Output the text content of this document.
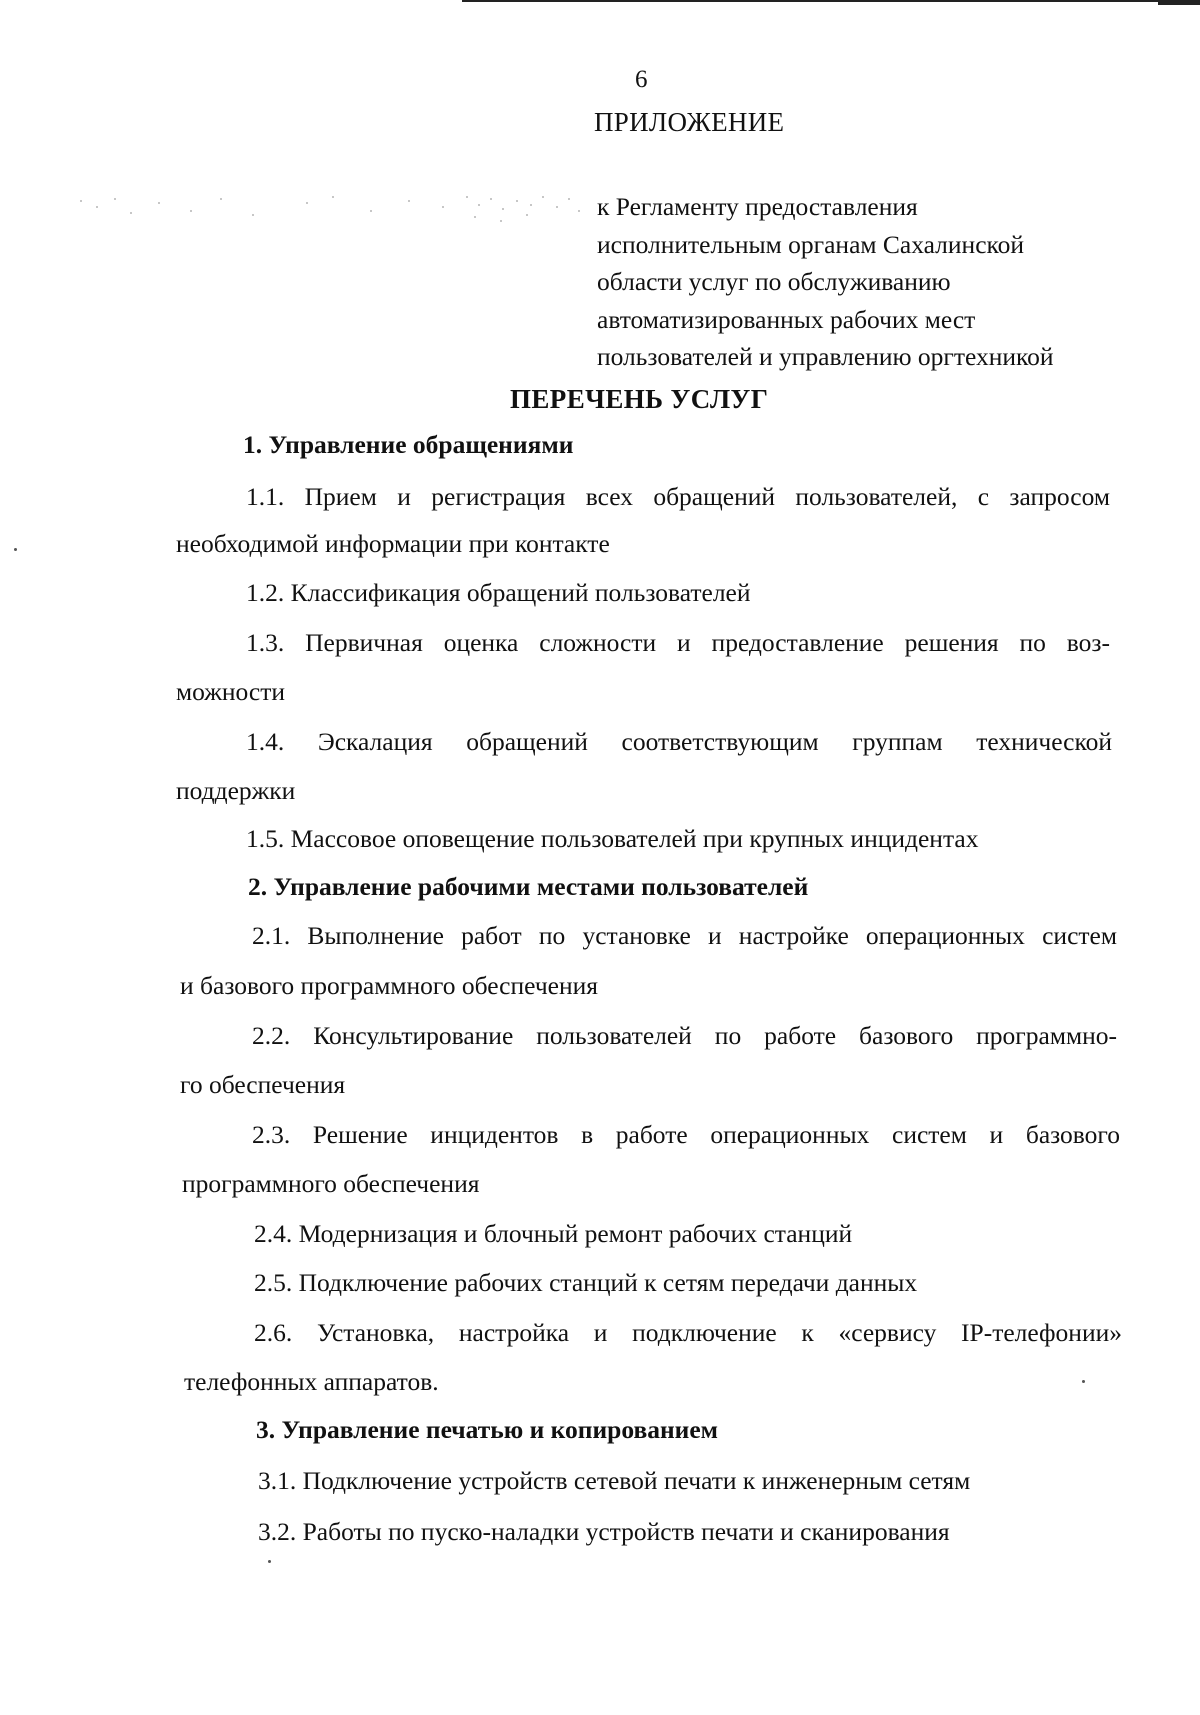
6
ПРИЛОЖЕНИЕ
к Регламенту предоставления
исполнительным органам Сахалинской
области услуг по обслуживанию
автоматизированных рабочих мест
пользователей и управлению оргтехникой
ПЕРЕЧЕНЬ УСЛУГ
1. Управление обращениями
1.1. Прием и регистрация всех обращений пользователей, с запросом
необходимой информации при контакте
1.2. Классификация обращений пользователей
1.3. Первичная оценка сложности и предоставление решения по воз-
можности
1.4. Эскалация обращений соответствующим группам технической
поддержки
1.5. Массовое оповещение пользователей при крупных инцидентах
2. Управление рабочими местами пользователей
2.1. Выполнение работ по установке и настройке операционных систем
и базового программного обеспечения
2.2. Консультирование пользователей по работе базового программно-
го обеспечения
2.3. Решение инцидентов в работе операционных систем и базового
программного обеспечения
2.4. Модернизация и блочный ремонт рабочих станций
2.5. Подключение рабочих станций к сетям передачи данных
2.6. Установка, настройка и подключение к «сервису IP-телефонии»
телефонных аппаратов.
3. Управление печатью и копированием
3.1. Подключение устройств сетевой печати к инженерным сетям
3.2. Работы по пуско-наладки устройств печати и сканирования
